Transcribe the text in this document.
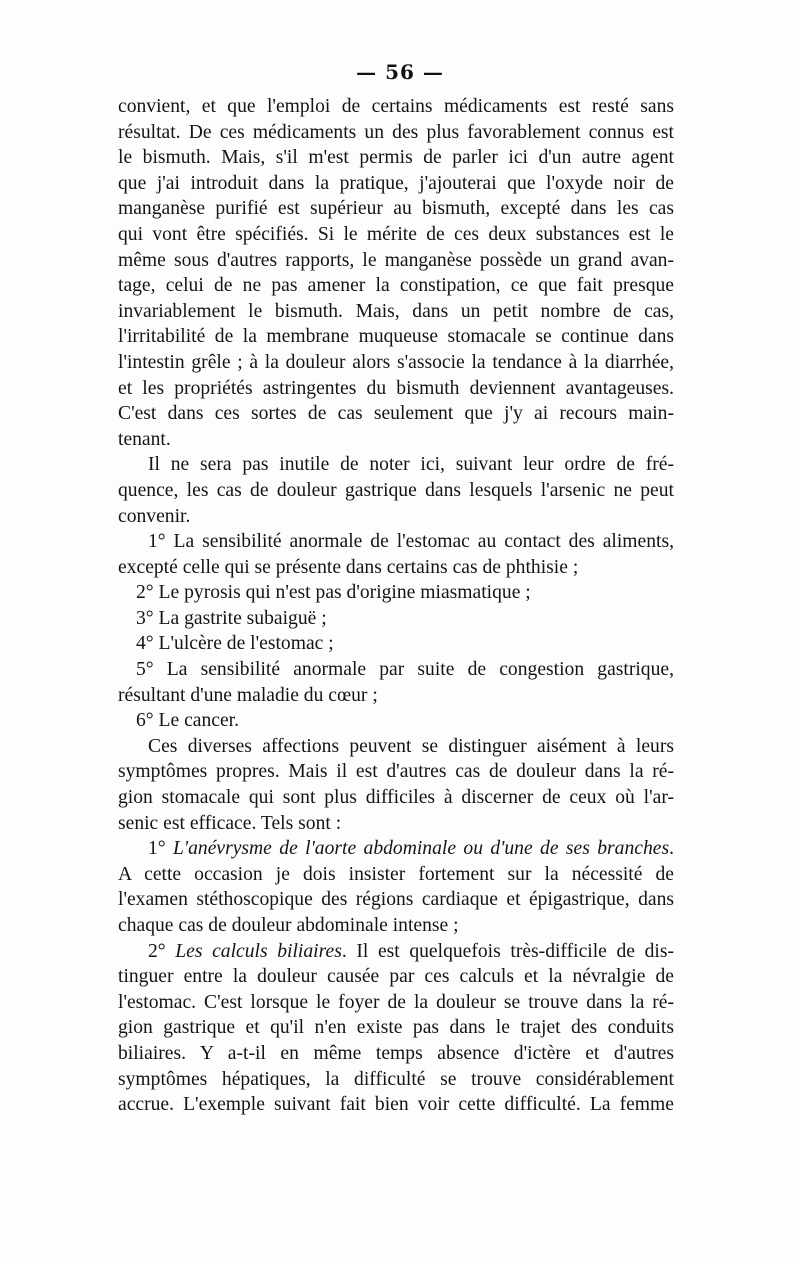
— 56 —
convient, et que l'emploi de certains médicaments est resté sans
résultat. De ces médicaments un des plus favorablement connus est
le bismuth. Mais, s'il m'est permis de parler ici d'un autre agent
que j'ai introduit dans la pratique, j'ajouterai que l'oxyde noir de
manganèse purifié est supérieur au bismuth, excepté dans les cas
qui vont être spécifiés. Si le mérite de ces deux substances est le
même sous d'autres rapports, le manganèse possède un grand avan-
tage, celui de ne pas amener la constipation, ce que fait presque
invariablement le bismuth. Mais, dans un petit nombre de cas,
l'irritabilité de la membrane muqueuse stomacale se continue dans
l'intestin grêle ; à la douleur alors s'associe la tendance à la diarrhée,
et les propriétés astringentes du bismuth deviennent avantageuses.
C'est dans ces sortes de cas seulement que j'y ai recours main-
tenant.
Il ne sera pas inutile de noter ici, suivant leur ordre de fré-
quence, les cas de douleur gastrique dans lesquels l'arsenic ne peut
convenir.
1° La sensibilité anormale de l'estomac au contact des aliments,
excepté celle qui se présente dans certains cas de phthisie ;
2° Le pyrosis qui n'est pas d'origine miasmatique ;
3° La gastrite subaiguë ;
4° L'ulcère de l'estomac ;
5° La sensibilité anormale par suite de congestion gastrique,
résultant d'une maladie du cœur ;
6° Le cancer.
Ces diverses affections peuvent se distinguer aisément à leurs
symptômes propres. Mais il est d'autres cas de douleur dans la ré-
gion stomacale qui sont plus difficiles à discerner de ceux où l'ar-
senic est efficace. Tels sont :
1° L'anévrysme de l'aorte abdominale ou d'une de ses branches.
A cette occasion je dois insister fortement sur la nécessité de
l'examen stéthoscopique des régions cardiaque et épigastrique, dans
chaque cas de douleur abdominale intense ;
2° Les calculs biliaires. Il est quelquefois très-difficile de dis-
tinguer entre la douleur causée par ces calculs et la névralgie de
l'estomac. C'est lorsque le foyer de la douleur se trouve dans la ré-
gion gastrique et qu'il n'en existe pas dans le trajet des conduits
biliaires. Y a-t-il en même temps absence d'ictère et d'autres
symptômes hépatiques, la difficulté se trouve considérablement
accrue. L'exemple suivant fait bien voir cette difficulté. La femme
